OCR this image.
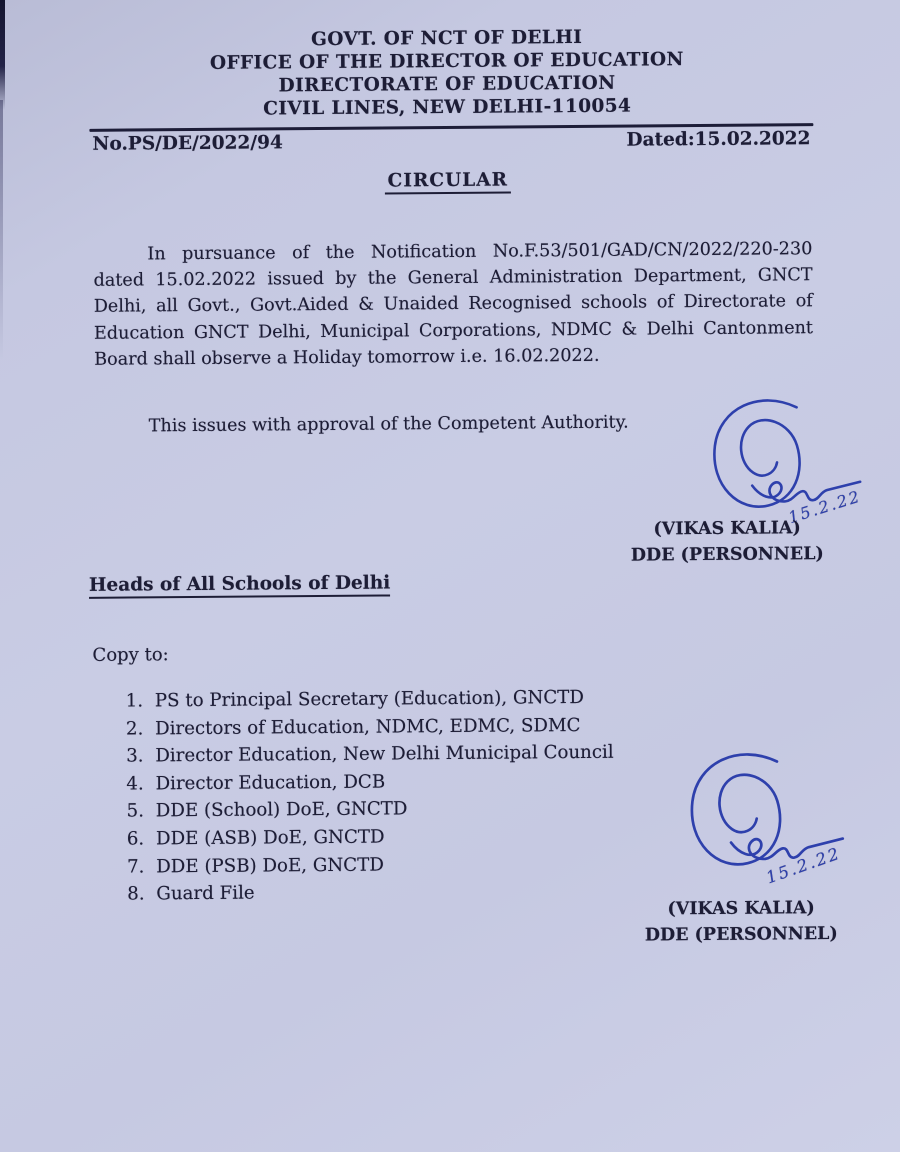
GOVT. OF NCT OF DELHI
OFFICE OF THE DIRECTOR OF EDUCATION
DIRECTORATE OF EDUCATION
CIVIL LINES, NEW DELHI-110054
No.PS/DE/2022/94	Dated:15.02.2022
CIRCULAR
In pursuance of the Notification No.F.53/501/GAD/CN/2022/220-230 dated 15.02.2022 issued by the General Administration Department, GNCT Delhi, all Govt., Govt.Aided & Unaided Recognised schools of Directorate of Education GNCT Delhi, Municipal Corporations, NDMC & Delhi Cantonment Board shall observe a Holiday tomorrow i.e. 16.02.2022.
This issues with approval of the Competent Authority.
15.2.22
(VIKAS KALIA)
DDE (PERSONNEL)
Heads of All Schools of Delhi
Copy to:
1. PS to Principal Secretary (Education), GNCTD
2. Directors of Education, NDMC, EDMC, SDMC
3. Director Education, New Delhi Municipal Council
4. Director Education, DCB
5. DDE (School) DoE, GNCTD
6. DDE (ASB) DoE, GNCTD
7. DDE (PSB) DoE, GNCTD
8. Guard File
15.2.22
(VIKAS KALIA)
DDE (PERSONNEL)
